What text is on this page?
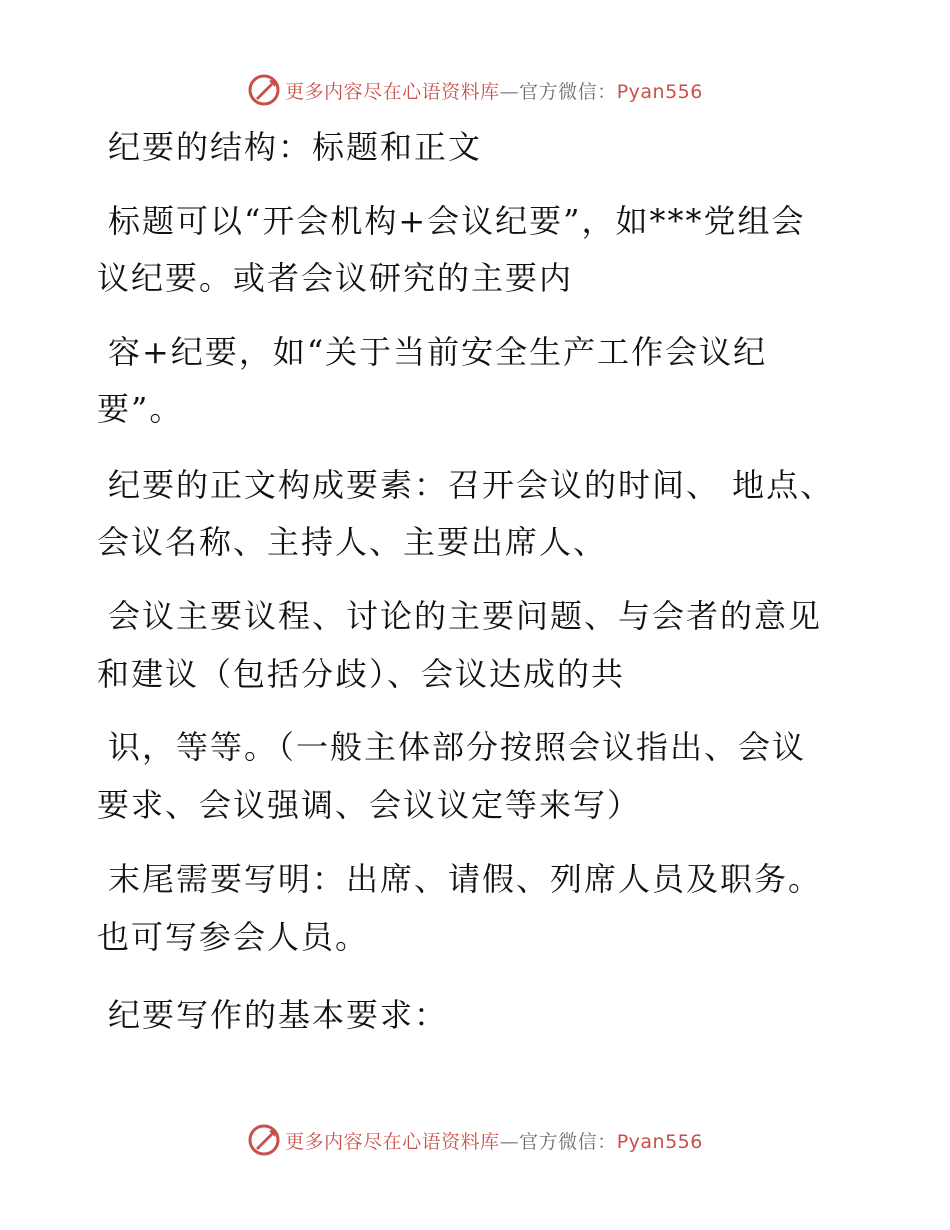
更多内容尽在心语资料库—官方微信：Pyan556
纪要的结构：标题和正文
标题可以“开会机构+会议纪要”，如***党组会
议纪要。或者会议研究的主要内
容+纪要，如“关于当前安全生产工作会议纪
要”。
纪要的正文构成要素：召开会议的时间、 地点、
会议名称、主持人、主要出席人、
会议主要议程、讨论的主要问题、与会者的意见
和建议（包括分歧）、会议达成的共
识，等等。（一般主体部分按照会议指出、会议
要求、会议强调、会议议定等来写）
末尾需要写明：出席、请假、列席人员及职务。
也可写参会人员。
纪要写作的基本要求：
更多内容尽在心语资料库—官方微信：Pyan556
